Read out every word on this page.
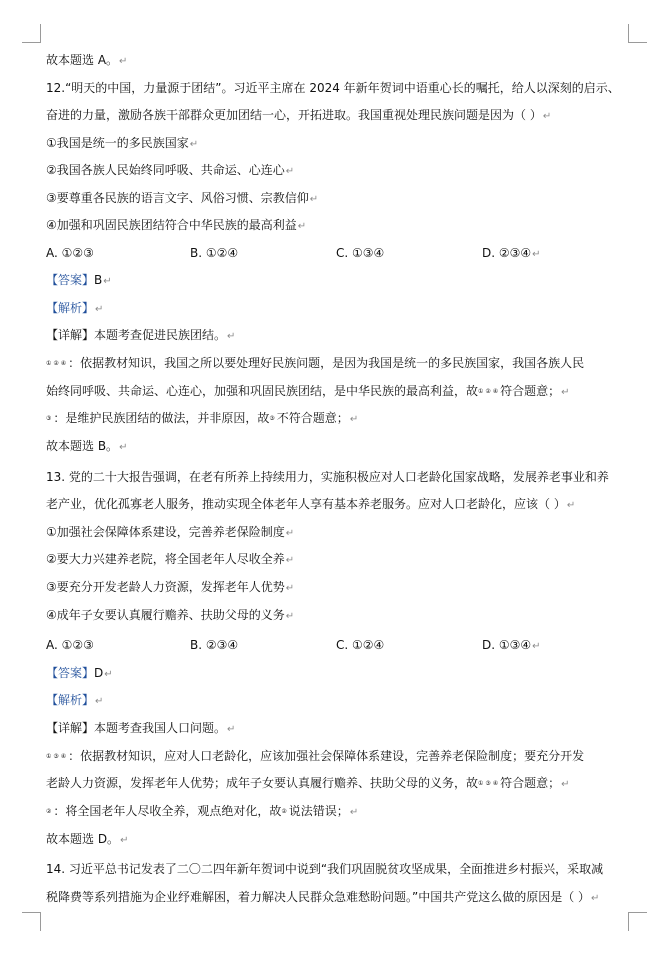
故本题选 A。↵
12.“明天的中国，力量源于团结”。习近平主席在 2024 年新年贺词中语重心长的嘱托，给人以深刻的启示、
奋进的力量，激励各族干部群众更加团结一心，开拓进取。我国重视处理民族问题是因为（ ）↵
①我国是统一的多民族国家↵
②我国各族人民始终同呼吸、共命运、心连心↵
③要尊重各民族的语言文字、风俗习惯、宗教信仰↵
④加强和巩固民族团结符合中华民族的最高利益↵
A. ①②③	B. ①②④	C. ①③④	D. ②③④↵
【答案】B↵
【解析】↵
【详解】本题考查促进民族团结。↵
①②④：依据教材知识，我国之所以要处理好民族问题，是因为我国是统一的多民族国家，我国各族人民
始终同呼吸、共命运、心连心，加强和巩固民族团结，是中华民族的最高利益，故①②④符合题意；↵
③：是维护民族团结的做法，并非原因，故③不符合题意；↵
故本题选 B。↵
13. 党的二十大报告强调，在老有所养上持续用力，实施积极应对人口老龄化国家战略，发展养老事业和养
老产业，优化孤寡老人服务，推动实现全体老年人享有基本养老服务。应对人口老龄化，应该（ ）↵
①加强社会保障体系建设，完善养老保险制度↵
②要大力兴建养老院，将全国老年人尽收全养↵
③要充分开发老龄人力资源，发挥老年人优势↵
④成年子女要认真履行赡养、扶助父母的义务↵
A. ①②③	B. ②③④	C. ①②④	D. ①③④↵
【答案】D↵
【解析】↵
【详解】本题考查我国人口问题。↵
①③④：依据教材知识，应对人口老龄化，应该加强社会保障体系建设，完善养老保险制度；要充分开发
老龄人力资源，发挥老年人优势；成年子女要认真履行赡养、扶助父母的义务，故①③④符合题意；↵
②：将全国老年人尽收全养，观点绝对化，故②说法错误；↵
故本题选 D。↵
14. 习近平总书记发表了二〇二四年新年贺词中说到“我们巩固脱贫攻坚成果，全面推进乡村振兴，采取减
税降费等系列措施为企业纾难解困，着力解决人民群众急难愁盼问题。”中国共产党这么做的原因是（ ）↵
